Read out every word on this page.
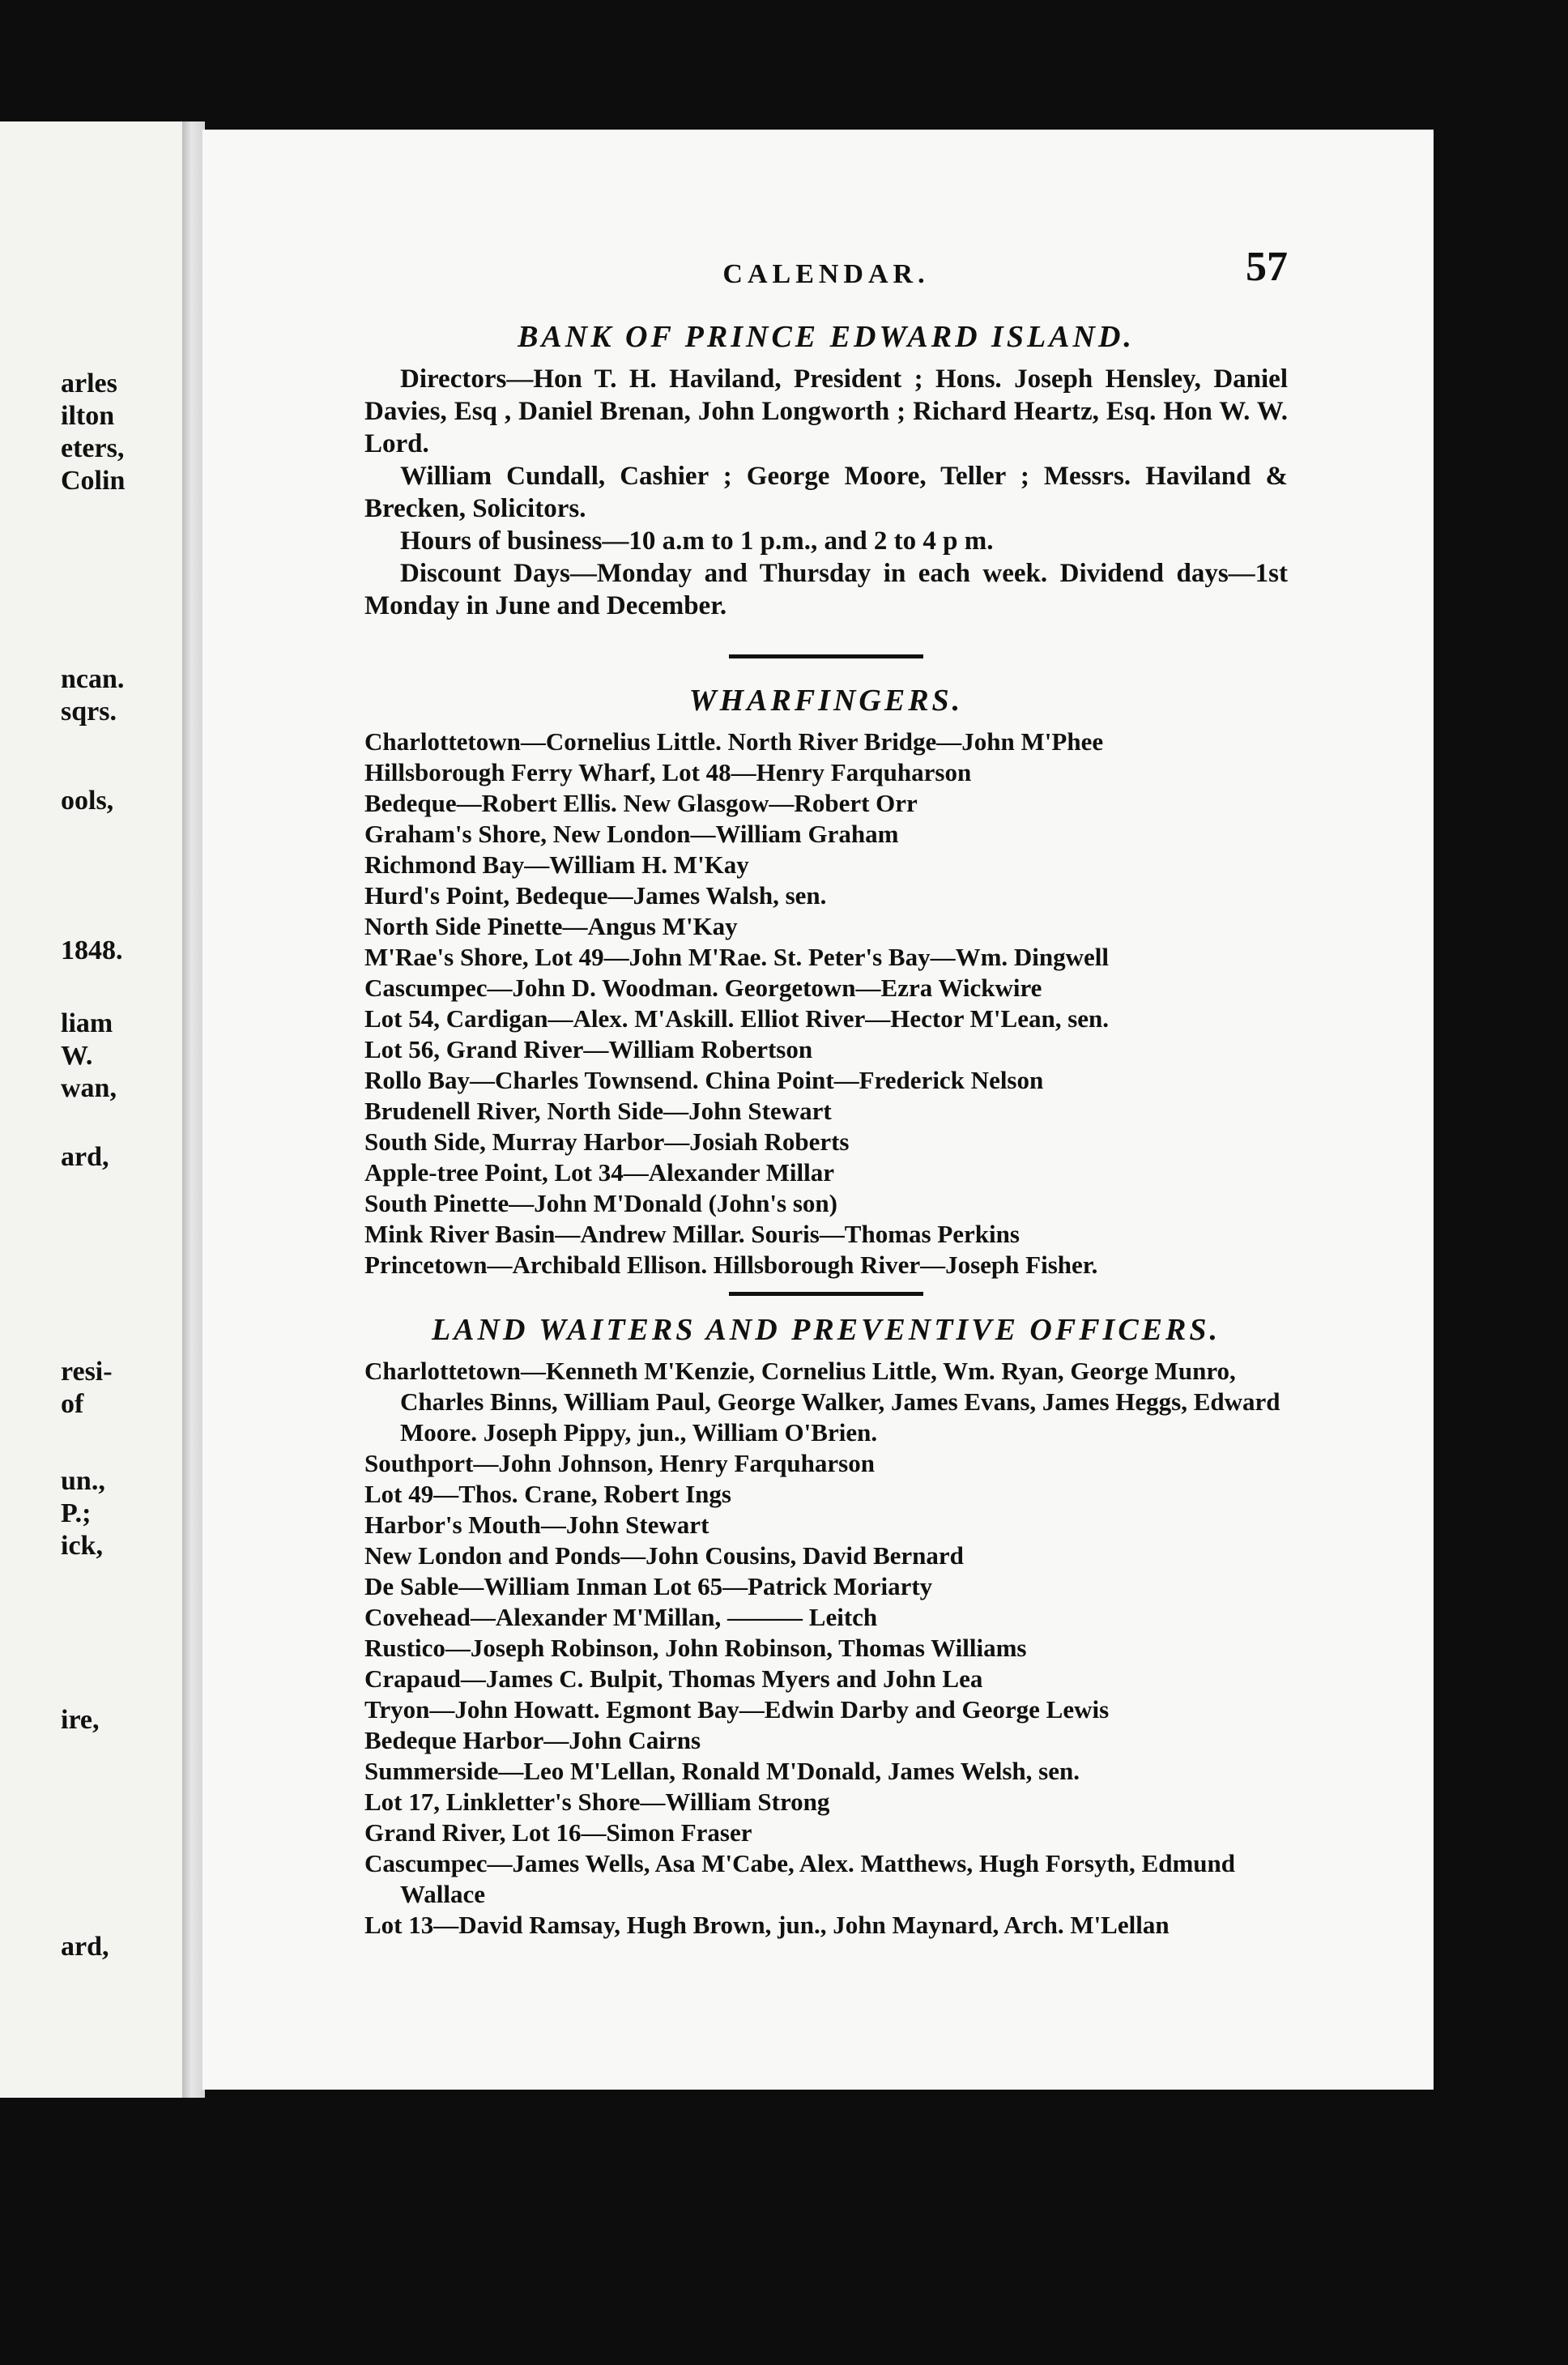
arles
ilton
eters,
Colin
ncan.
sqrs.
ools,
1848.
liam
W.
wan,
ard,
resi-
of
un.,
P.;
ick,
ire,
ard,
CALENDAR.	57
BANK OF PRINCE EDWARD ISLAND.
Directors—Hon T. H. Haviland, President ; Hons. Joseph Hensley, Daniel Davies, Esq , Daniel Brenan, John Longworth ; Richard Heartz, Esq. Hon W. W. Lord.
William Cundall, Cashier ; George Moore, Teller ; Messrs. Haviland & Brecken, Solicitors.
Hours of business—10 a.m to 1 p.m., and 2 to 4 p m.
Discount Days—Monday and Thursday in each week. Dividend days—1st Monday in June and December.
WHARFINGERS.
Charlottetown—Cornelius Little. North River Bridge—John M'Phee
Hillsborough Ferry Wharf, Lot 48—Henry Farquharson
Bedeque—Robert Ellis. New Glasgow—Robert Orr
Graham's Shore, New London—William Graham
Richmond Bay—William H. M'Kay
Hurd's Point, Bedeque—James Walsh, sen.
North Side Pinette—Angus M'Kay
M'Rae's Shore, Lot 49—John M'Rae. St. Peter's Bay—Wm. Dingwell
Cascumpec—John D. Woodman. Georgetown—Ezra Wickwire
Lot 54, Cardigan—Alex. M'Askill. Elliot River—Hector M'Lean, sen.
Lot 56, Grand River—William Robertson
Rollo Bay—Charles Townsend. China Point—Frederick Nelson
Brudenell River, North Side—John Stewart
South Side, Murray Harbor—Josiah Roberts
Apple-tree Point, Lot 34—Alexander Millar
South Pinette—John M'Donald (John's son)
Mink River Basin—Andrew Millar. Souris—Thomas Perkins
Princetown—Archibald Ellison. Hillsborough River—Joseph Fisher.
LAND WAITERS AND PREVENTIVE OFFICERS.
Charlottetown—Kenneth M'Kenzie, Cornelius Little, Wm. Ryan, George Munro, Charles Binns, William Paul, George Walker, James Evans, James Heggs, Edward Moore. Joseph Pippy, jun., William O'Brien.
Southport—John Johnson, Henry Farquharson
Lot 49—Thos. Crane, Robert Ings
Harbor's Mouth—John Stewart
New London and Ponds—John Cousins, David Bernard
De Sable—William Inman Lot 65—Patrick Moriarty
Covehead—Alexander M'Millan, ——— Leitch
Rustico—Joseph Robinson, John Robinson, Thomas Williams
Crapaud—James C. Bulpit, Thomas Myers and John Lea
Tryon—John Howatt. Egmont Bay—Edwin Darby and George Lewis
Bedeque Harbor—John Cairns
Summerside—Leo M'Lellan, Ronald M'Donald, James Welsh, sen.
Lot 17, Linkletter's Shore—William Strong
Grand River, Lot 16—Simon Fraser
Cascumpec—James Wells, Asa M'Cabe, Alex. Matthews, Hugh Forsyth, Edmund Wallace
Lot 13—David Ramsay, Hugh Brown, jun., John Maynard, Arch. M'Lellan
